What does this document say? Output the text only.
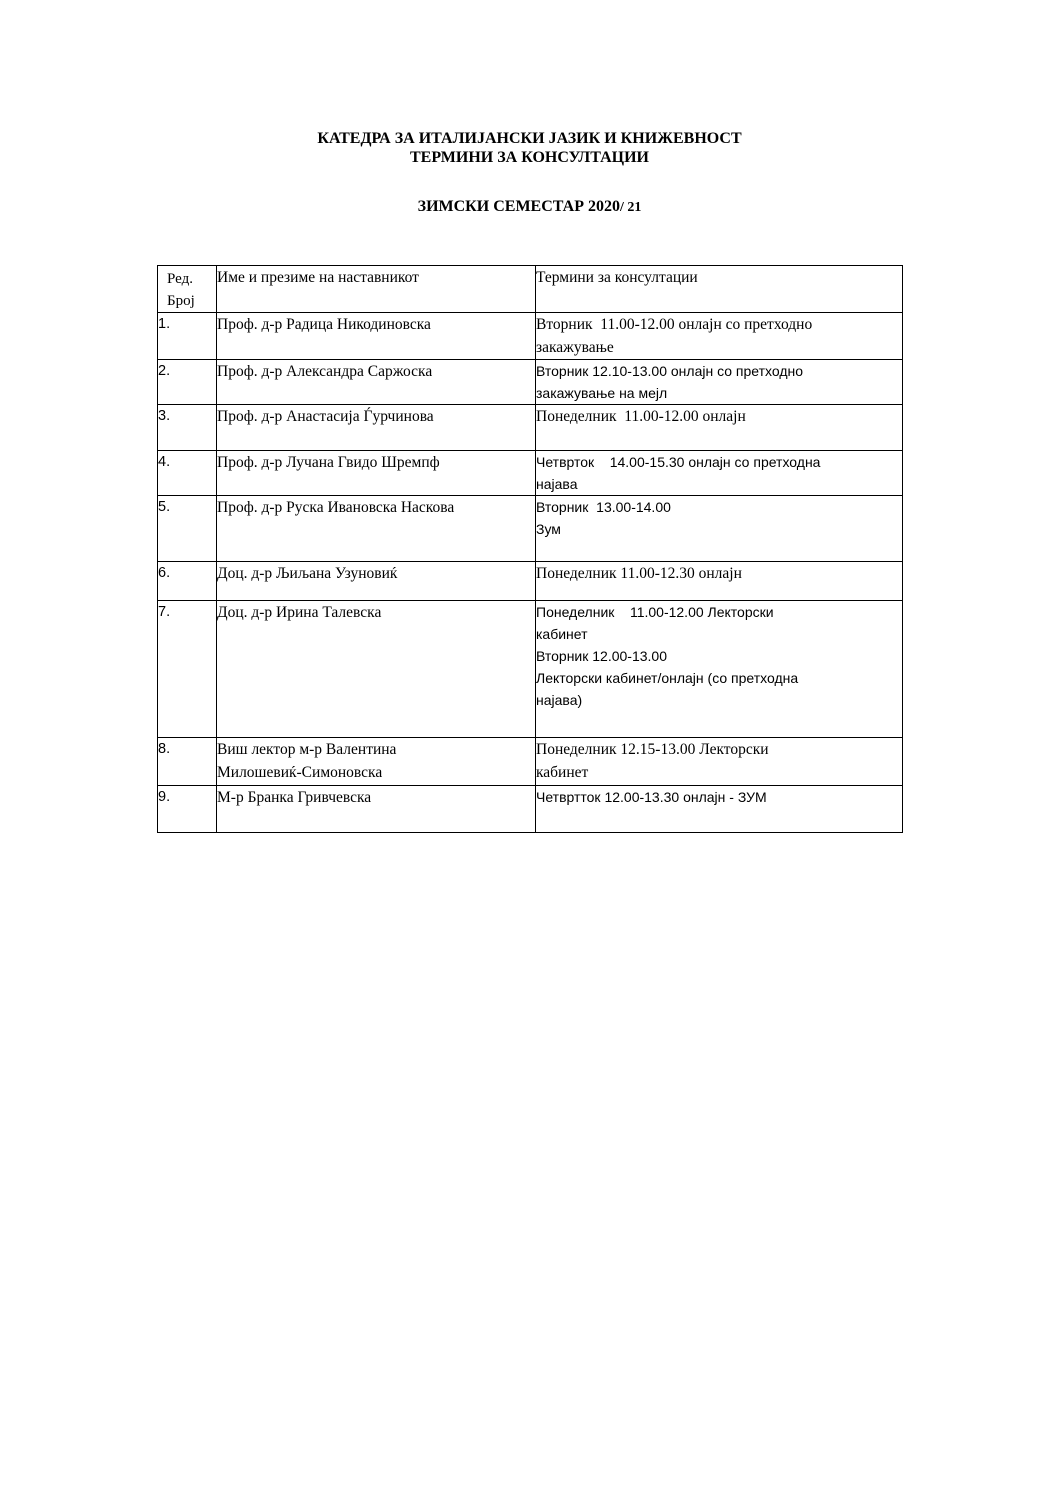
КАТЕДРА ЗА ИТАЛИЈАНСКИ ЈАЗИК И КНИЖЕВНОСТ
ТЕРМИНИ ЗА КОНСУЛТАЦИИ
ЗИМСКИ СЕМЕСТАР 2020/ 21
Ред.
Број	Име и презиме на наставникот	Термини за консултации
1.	Проф. д-р Радица Никодиновска	Вторник  11.00-12.00 онлајн со претходно
закажување

2.	Проф. д-р Александра Саржоска	Вторник 12.10-13.00 онлајн со претходно
закажување на мејл

3.	Проф. д-р Анастасија Ѓурчинова	Понеделник  11.00-12.00 онлајн

4.	Проф. д-р Лучана Гвидо Шремпф	Четврток    14.00-15.30 онлајн со претходна
најава

5.	Проф. д-р Руска Ивановска Наскова	Вторник  13.00-14.00
Зум

6.	Доц. д-р Љиљана Узуновиќ	Понеделник 11.00-12.30 онлајн

7.	Доц. д-р Ирина Талевска	Понеделник    11.00-12.00 Лекторски
кабинет
Вторник 12.00-13.00
Лекторски кабинет/онлајн (со претходна
најава)

8.	Виш лектор м-р Валентина
Милошевиќ-Симоновска	Понеделник 12.15-13.00 Лекторски
кабинет

9.	М-р Бранка Гривчевска	Четвртток 12.00-13.30 онлајн - ЗУМ
